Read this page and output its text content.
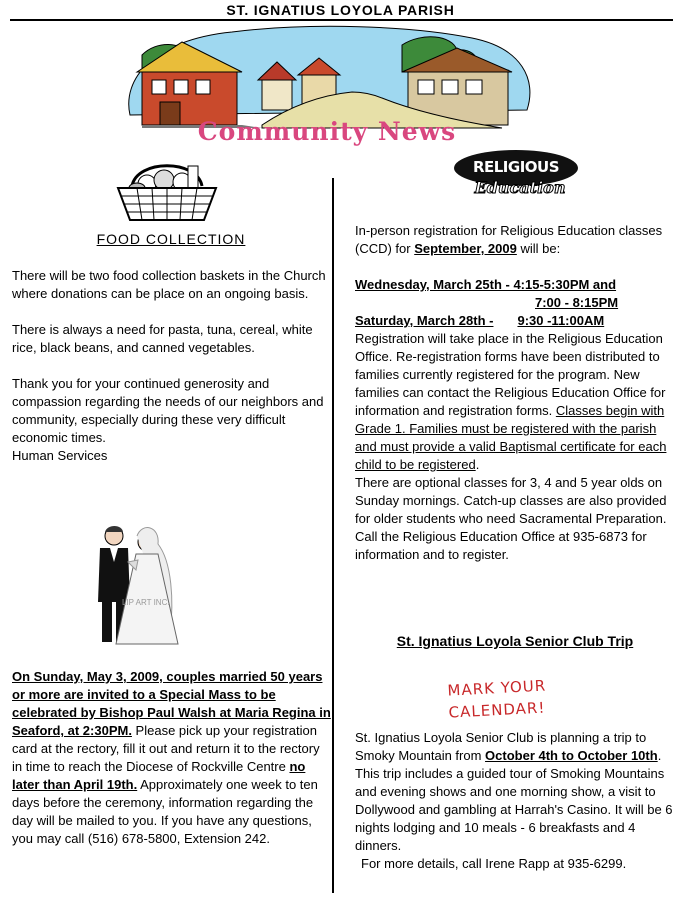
ST. IGNATIUS LOYOLA PARISH
Community News
FOOD COLLECTION

There will be two food collection baskets in the Church where donations can be place on an ongoing basis.

There is always a need for pasta, tuna, cereal, white rice, black beans, and canned vegetables.

Thank you for your continued generosity and compassion regarding the needs of our neighbors and community, especially during these very difficult economic times.

Human Services

LIP ART INC.

On Sunday, May 3, 2009, couples married 50 years or more are invited to a Special Mass to be celebrated by Bishop Paul Walsh at Maria Regina in Seaford, at 2:30PM. Please pick up your registration card at the rectory, fill it out and return it to the rectory in time to reach the Diocese of Rockville Centre no later than April 19th. Approximately one week to ten days before the ceremony, information regarding the day will be mailed to you. If you have any questions, you may call (516) 678-5800, Extension 242.

RELIGIOUS
Education

In-person registration for Religious Education classes (CCD) for September, 2009 will be:

Wednesday, March 25th - 4:15-5:30PM and

7:00 - 8:15PM

Saturday, March 28th - 9:30 -11:00AM

Registration will take place in the Religious Education Office. Re-registration forms have been distributed to families currently registered for the program. New families can contact the Religious Education Office for information and registration forms. Classes begin with Grade 1. Families must be registered with the parish and must provide a valid Baptismal certificate for each child to be registered.

There are optional classes for 3, 4 and 5 year olds on Sunday mornings. Catch-up classes are also provided for older students who need Sacramental Preparation. Call the Religious Education Office at 935-6873 for information and to register.

St. Ignatius Loyola Senior Club Trip
MARK YOUR
CALENDAR!

St. Ignatius Loyola Senior Club is planning a trip to Smoky Mountain from October 4th to October 10th. This trip includes a guided tour of Smoking Mountains and evening shows and one morning show, a visit to Dollywood and gambling at Harrah's Casino. It will be 6 nights lodging and 10 meals - 6 breakfasts and 4 dinners.

For more details, call Irene Rapp at 935-6299.
